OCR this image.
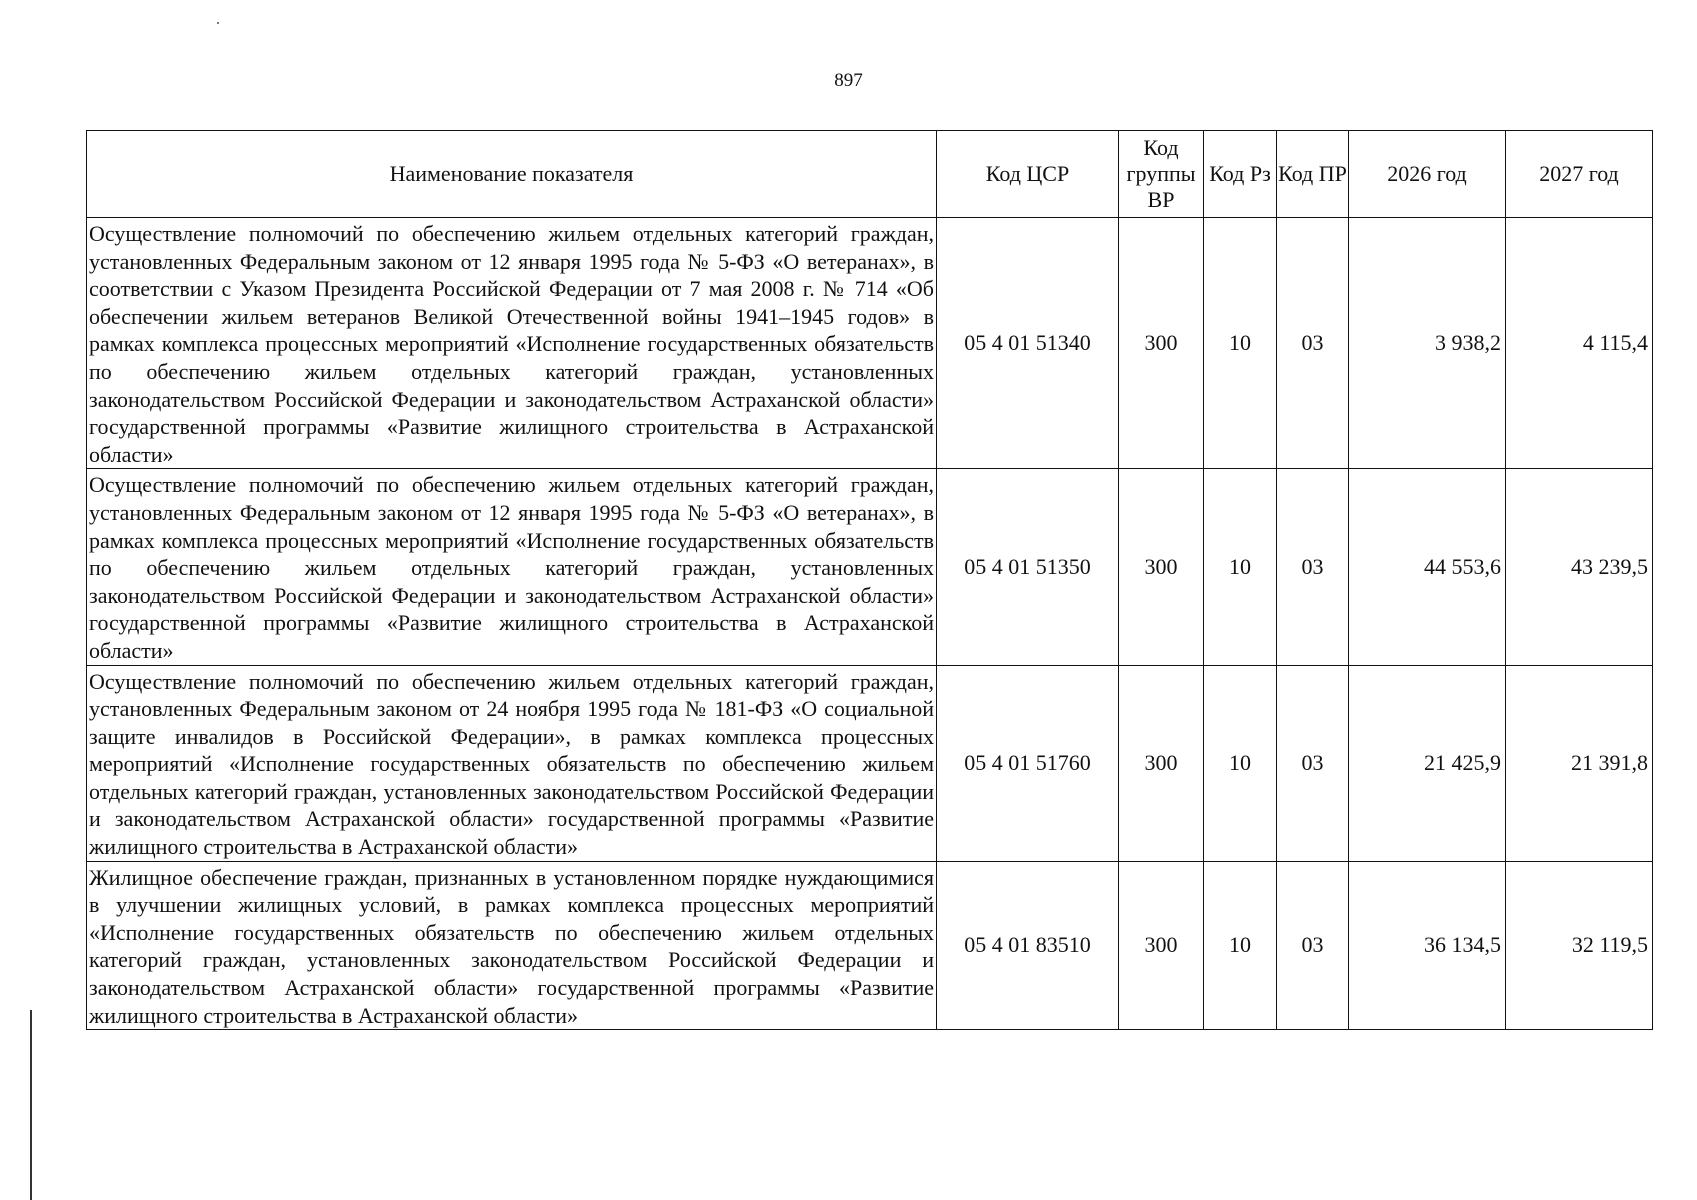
897
Наименование показателя	Код ЦСР	Код группы ВР	Код Рз	Код ПР	2026 год	2027 год
Осуществление полномочий по обеспечению жильем отдельных категорий граждан, установленных Федеральным законом от 12 января 1995 года № 5-ФЗ «О ветеранах», в соответствии с Указом Президента Российской Федерации от 7 мая 2008 г. № 714 «Об обеспечении жильем ветеранов Великой Отечественной войны 1941–1945 годов» в рамках комплекса процессных мероприятий «Исполнение государственных обязательств по обеспечению жильем отдельных категорий граждан, установленных законодательством Российской Федерации и законодательством Астраханской области» государственной программы «Развитие жилищного строительства в Астраханской области»	05 4 01 51340	300	10	03	3 938,2	4 115,4
Осуществление полномочий по обеспечению жильем отдельных категорий граждан, установленных Федеральным законом от 12 января 1995 года № 5-ФЗ «О ветеранах», в рамках комплекса процессных мероприятий «Исполнение государственных обязательств по обеспечению жильем отдельных категорий граждан, установленных законодательством Российской Федерации и законодательством Астраханской области» государственной программы «Развитие жилищного строительства в Астраханской области»	05 4 01 51350	300	10	03	44 553,6	43 239,5
Осуществление полномочий по обеспечению жильем отдельных категорий граждан, установленных Федеральным законом от 24 ноября 1995 года № 181-ФЗ «О социальной защите инвалидов в Российской Федерации», в рамках комплекса процессных мероприятий «Исполнение государственных обязательств по обеспечению жильем отдельных категорий граждан, установленных законодательством Российской Федерации и законодательством Астраханской области» государственной программы «Развитие жилищного строительства в Астраханской области»	05 4 01 51760	300	10	03	21 425,9	21 391,8
Жилищное обеспечение граждан, признанных в установленном порядке нуждающимися в улучшении жилищных условий, в рамках комплекса процессных мероприятий «Исполнение государственных обязательств по обеспечению жильем отдельных категорий граждан, установленных законодательством Российской Федерации и законодательством Астраханской области» государственной программы «Развитие жилищного строительства в Астраханской области»	05 4 01 83510	300	10	03	36 134,5	32 119,5
